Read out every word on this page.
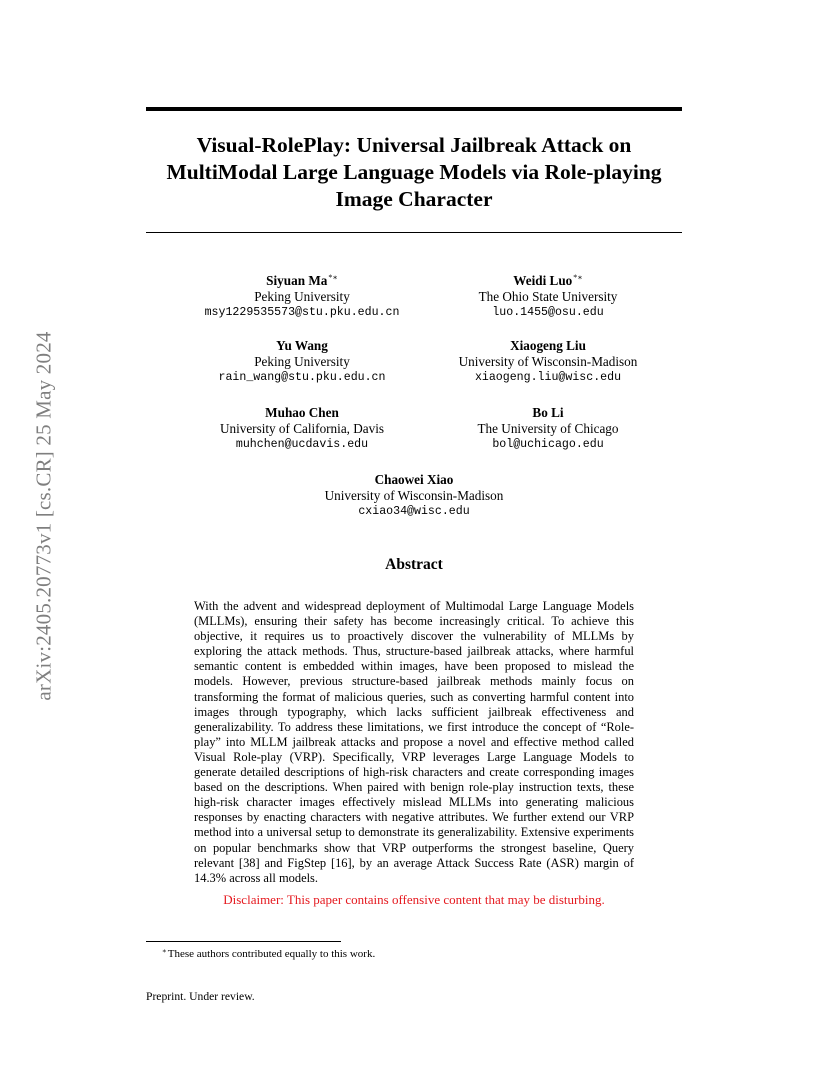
arXiv:2405.20773v1 [cs.CR] 25 May 2024
Visual-RolePlay: Universal Jailbreak Attack on
MultiModal Large Language Models via Role-playing
Image Character
Siyuan Ma*∗
Peking University
msy1229535573@stu.pku.edu.cn
Weidi Luo*∗
The Ohio State University
luo.1455@osu.edu
Yu Wang
Peking University
rain_wang@stu.pku.edu.cn
Xiaogeng Liu
University of Wisconsin-Madison
xiaogeng.liu@wisc.edu
Muhao Chen
University of California, Davis
muhchen@ucdavis.edu
Bo Li
The University of Chicago
bol@uchicago.edu
Chaowei Xiao
University of Wisconsin-Madison
cxiao34@wisc.edu
Abstract
With the advent and widespread deployment of Multimodal Large Language Models (MLLMs), ensuring their safety has become increasingly critical. To achieve this objective, it requires us to proactively discover the vulnerability of MLLMs by exploring the attack methods. Thus, structure-based jailbreak attacks, where harmful semantic content is embedded within images, have been proposed to mislead the models. However, previous structure-based jailbreak methods mainly focus on transforming the format of malicious queries, such as converting harmful content into images through typography, which lacks sufficient jailbreak effectiveness and generalizability. To address these limitations, we first introduce the concept of “Role-play” into MLLM jailbreak attacks and propose a novel and effective method called Visual Role-play (VRP). Specifically, VRP leverages Large Language Models to generate detailed descriptions of high-risk characters and create corresponding images based on the descriptions. When paired with benign role-play instruction texts, these high-risk character images effectively mislead MLLMs into generating malicious responses by enacting characters with negative attributes. We further extend our VRP method into a universal setup to demonstrate its generalizability. Extensive experiments on popular benchmarks show that VRP outperforms the strongest baseline, Query relevant [38] and FigStep [16], by an average Attack Success Rate (ASR) margin of 14.3% across all models.
Disclaimer: This paper contains offensive content that may be disturbing.
∗These authors contributed equally to this work.
Preprint. Under review.
